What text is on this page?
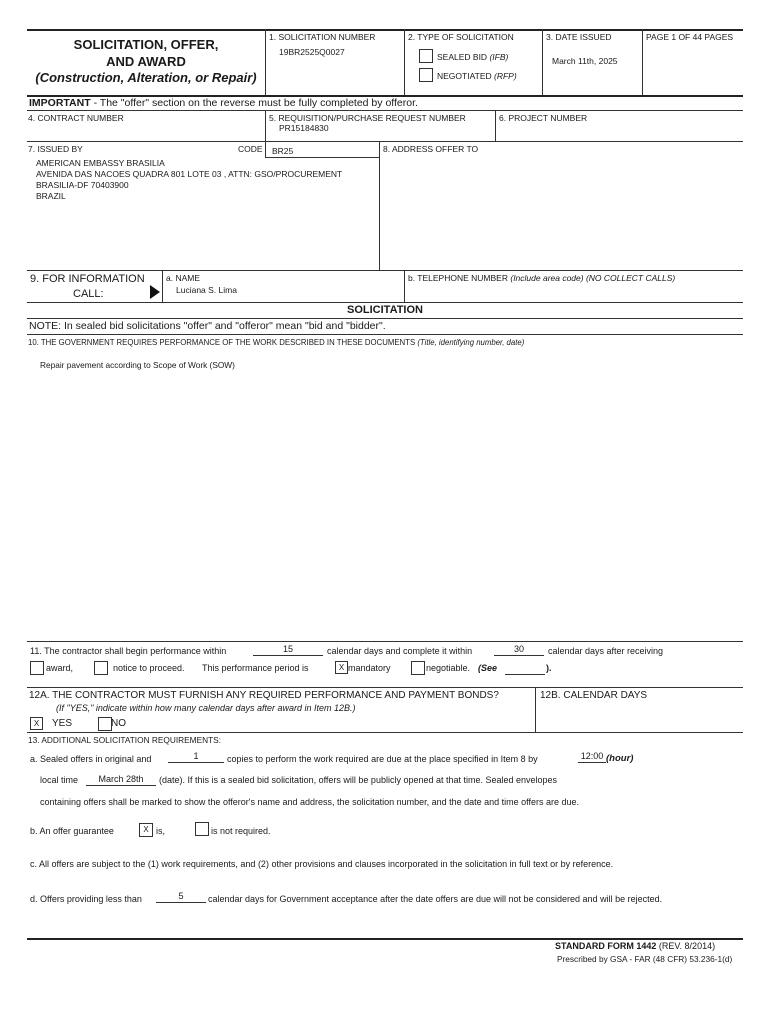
SOLICITATION, OFFER,
AND AWARD
(Construction, Alteration, or Repair)
1. SOLICITATION NUMBER
19BR2525Q0027
2. TYPE OF SOLICITATION
SEALED BID (IFB)
NEGOTIATED (RFP)
3. DATE ISSUED
March 11th, 2025
PAGE 1 OF 44 PAGES
IMPORTANT - The "offer" section on the reverse must be fully completed by offeror.
4. CONTRACT NUMBER	5. REQUISITION/PURCHASE REQUEST NUMBER
PR15184830
6. PROJECT NUMBER
7. ISSUED BY	CODE BR25
AMERICAN EMBASSY BRASILIA
AVENIDA DAS NACOES QUADRA 801 LOTE 03 , ATTN: GSO/PROCUREMENT
BRASILIA-DF 70403900
BRAZIL
8. ADDRESS OFFER TO
9. FOR INFORMATION
CALL:
a. NAME
Luciana S. Lima
b. TELEPHONE NUMBER (Include area code) (NO COLLECT CALLS)
SOLICITATION
NOTE: In sealed bid solicitations "offer" and "offeror" mean "bid and "bidder".
10. THE GOVERNMENT REQUIRES PERFORMANCE OF THE WORK DESCRIBED IN THESE DOCUMENTS (Title, identifying number, date)
Repair pavement according to Scope of Work (SOW)
11. The contractor shall begin performance within	15	calendar days and complete it within	30	calendar days after receiving
award,	notice to proceed. This performance period is	X mandatory	negotiable. (See	).
12A. THE CONTRACTOR MUST FURNISH ANY REQUIRED PERFORMANCE AND PAYMENT BONDS?
(If "YES," indicate within how many calendar days after award in Item 12B.)
X	YES	NO
12B. CALENDAR DAYS
13. ADDITIONAL SOLICITATION REQUIREMENTS:
a. Sealed offers in original and	1	copies to perform the work required are due at the place specified in Item 8 by	12:00 (hour)
local time	March 28th	(date). If this is a sealed bid solicitation, offers will be publicly opened at that time. Sealed envelopes
containing offers shall be marked to show the offeror's name and address, the solicitation number, and the date and time offers are due.
b. An offer guarantee	X is,	is not required.
c. All offers are subject to the (1) work requirements, and (2) other provisions and clauses incorporated in the solicitation in full text or by reference.
d. Offers providing less than	5	calendar days for Government acceptance after the date offers are due will not be considered and will be rejected.
STANDARD FORM 1442 (REV. 8/2014)
Prescribed by GSA - FAR (48 CFR) 53.236-1(d)
